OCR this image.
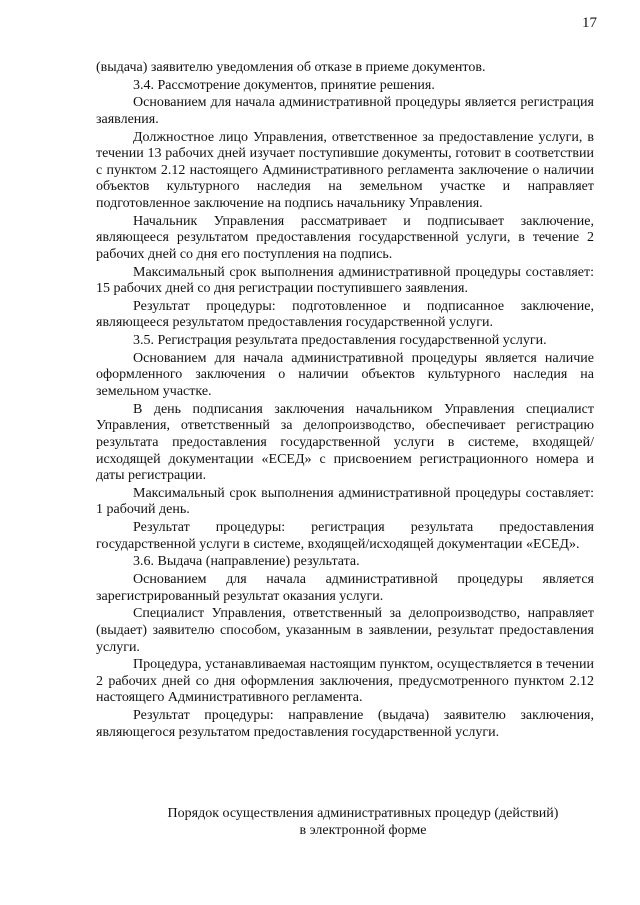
17

(выдача) заявителю уведомления об отказе в приеме документов.

3.4. Рассмотрение документов, принятие решения.

Основанием для начала административной процедуры является регистрация заявления.

Должностное лицо Управления, ответственное за предоставление услуги, в течении 13 рабочих дней изучает поступившие документы, готовит в соответствии с пунктом 2.12 настоящего Административного регламента заключение о наличии объектов культурного наследия на земельном участке и направляет подготовленное заключение на подпись начальнику Управления.

Начальник Управления рассматривает и подписывает заключение, являющееся результатом предоставления государственной услуги, в течение 2 рабочих дней со дня его поступления на подпись.

Максимальный срок выполнения административной процедуры составляет: 15 рабочих дней со дня регистрации поступившего заявления.

Результат процедуры: подготовленное и подписанное заключение, являющееся результатом предоставления государственной услуги.

3.5. Регистрация результата предоставления государственной услуги.

Основанием для начала административной процедуры является наличие оформленного заключения о наличии объектов культурного наследия на земельном участке.

В день подписания заключения начальником Управления специалист Управления, ответственный за делопроизводство, обеспечивает регистрацию результата предоставления государственной услуги в системе, входящей/исходящей документации «ЕСЕД» с присвоением регистрационного номера и даты регистрации.

Максимальный срок выполнения административной процедуры составляет: 1 рабочий день.

Результат процедуры: регистрация результата предоставления государственной услуги в системе, входящей/исходящей документации «ЕСЕД».

3.6. Выдача (направление) результата.

Основанием для начала административной процедуры является зарегистрированный результат оказания услуги.

Специалист Управления, ответственный за делопроизводство, направляет (выдает) заявителю способом, указанным в заявлении, результат предоставления услуги.

Процедура, устанавливаемая настоящим пунктом, осуществляется в течении 2 рабочих дней со дня оформления заключения, предусмотренного пунктом 2.12 настоящего Административного регламента.

Результат процедуры: направление (выдача) заявителю заключения, являющегося результатом предоставления государственной услуги.

Порядок осуществления административных процедур (действий)
в электронной форме
